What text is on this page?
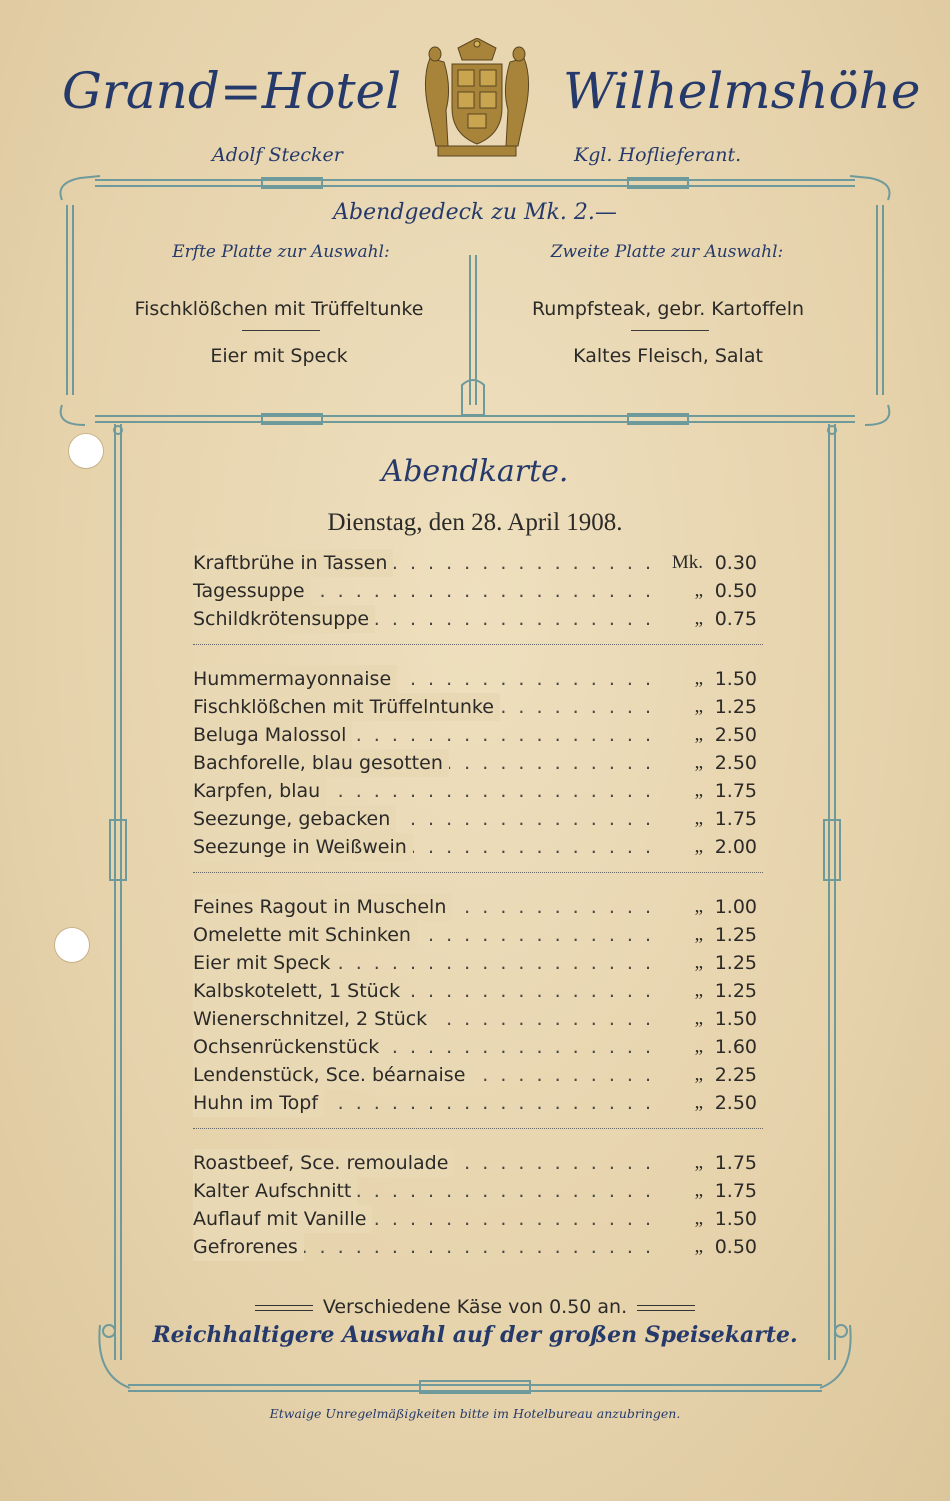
Grand=Hotel	Wilhelmshöhe
Adolf Stecker	Kgl. Hoflieferant.
Abendgedeck zu Mk. 2.—
Erfte Platte zur Auswahl:	Zweite Platte zur Auswahl:
Fischklößchen mit Trüffeltunke
Eier mit Speck
Rumpfsteak, gebr. Kartoffeln
Kaltes Fleisch, Salat
Abendkarte.
Dienstag, den 28. April 1908.
. . .
Kraftbrühe in Tassen	Mk. 0.30
. . .
Tagessuppe	„ 0.50
. . .
Schildkrötensuppe	„ 0.75
. . .
Hummermayonnaise	„ 1.50
. . .
Fischklößchen mit Trüffelntunke	„ 1.25
. . .
Beluga Malossol	„ 2.50
. . .
Bachforelle, blau gesotten	„ 2.50
. . .
Karpfen, blau	„ 1.75
. . .
Seezunge, gebacken	„ 1.75
. . .
Seezunge in Weißwein	„ 2.00
. . .
Feines Ragout in Muscheln	„ 1.00
. . .
Omelette mit Schinken	„ 1.25
. . .
Eier mit Speck	„ 1.25
. . .
Kalbskotelett, 1 Stück	„ 1.25
. . .
Wienerschnitzel, 2 Stück	„ 1.50
. . .
Ochsenrückenstück	„ 1.60
. . .
Lendenstück, Sce. béarnaise	„ 2.25
. . .
Huhn im Topf	„ 2.50
. . .
Roastbeef, Sce. remoulade	„ 1.75
. . .
Kalter Aufschnitt	„ 1.75
. . .
Auflauf mit Vanille	„ 1.50
. . .
Gefrorenes	„ 0.50
Verschiedene Käse von 0.50 an.
Reichhaltigere Auswahl auf der großen Speisekarte.
Etwaige Unregelmäßigkeiten bitte im Hotelbureau anzubringen.
